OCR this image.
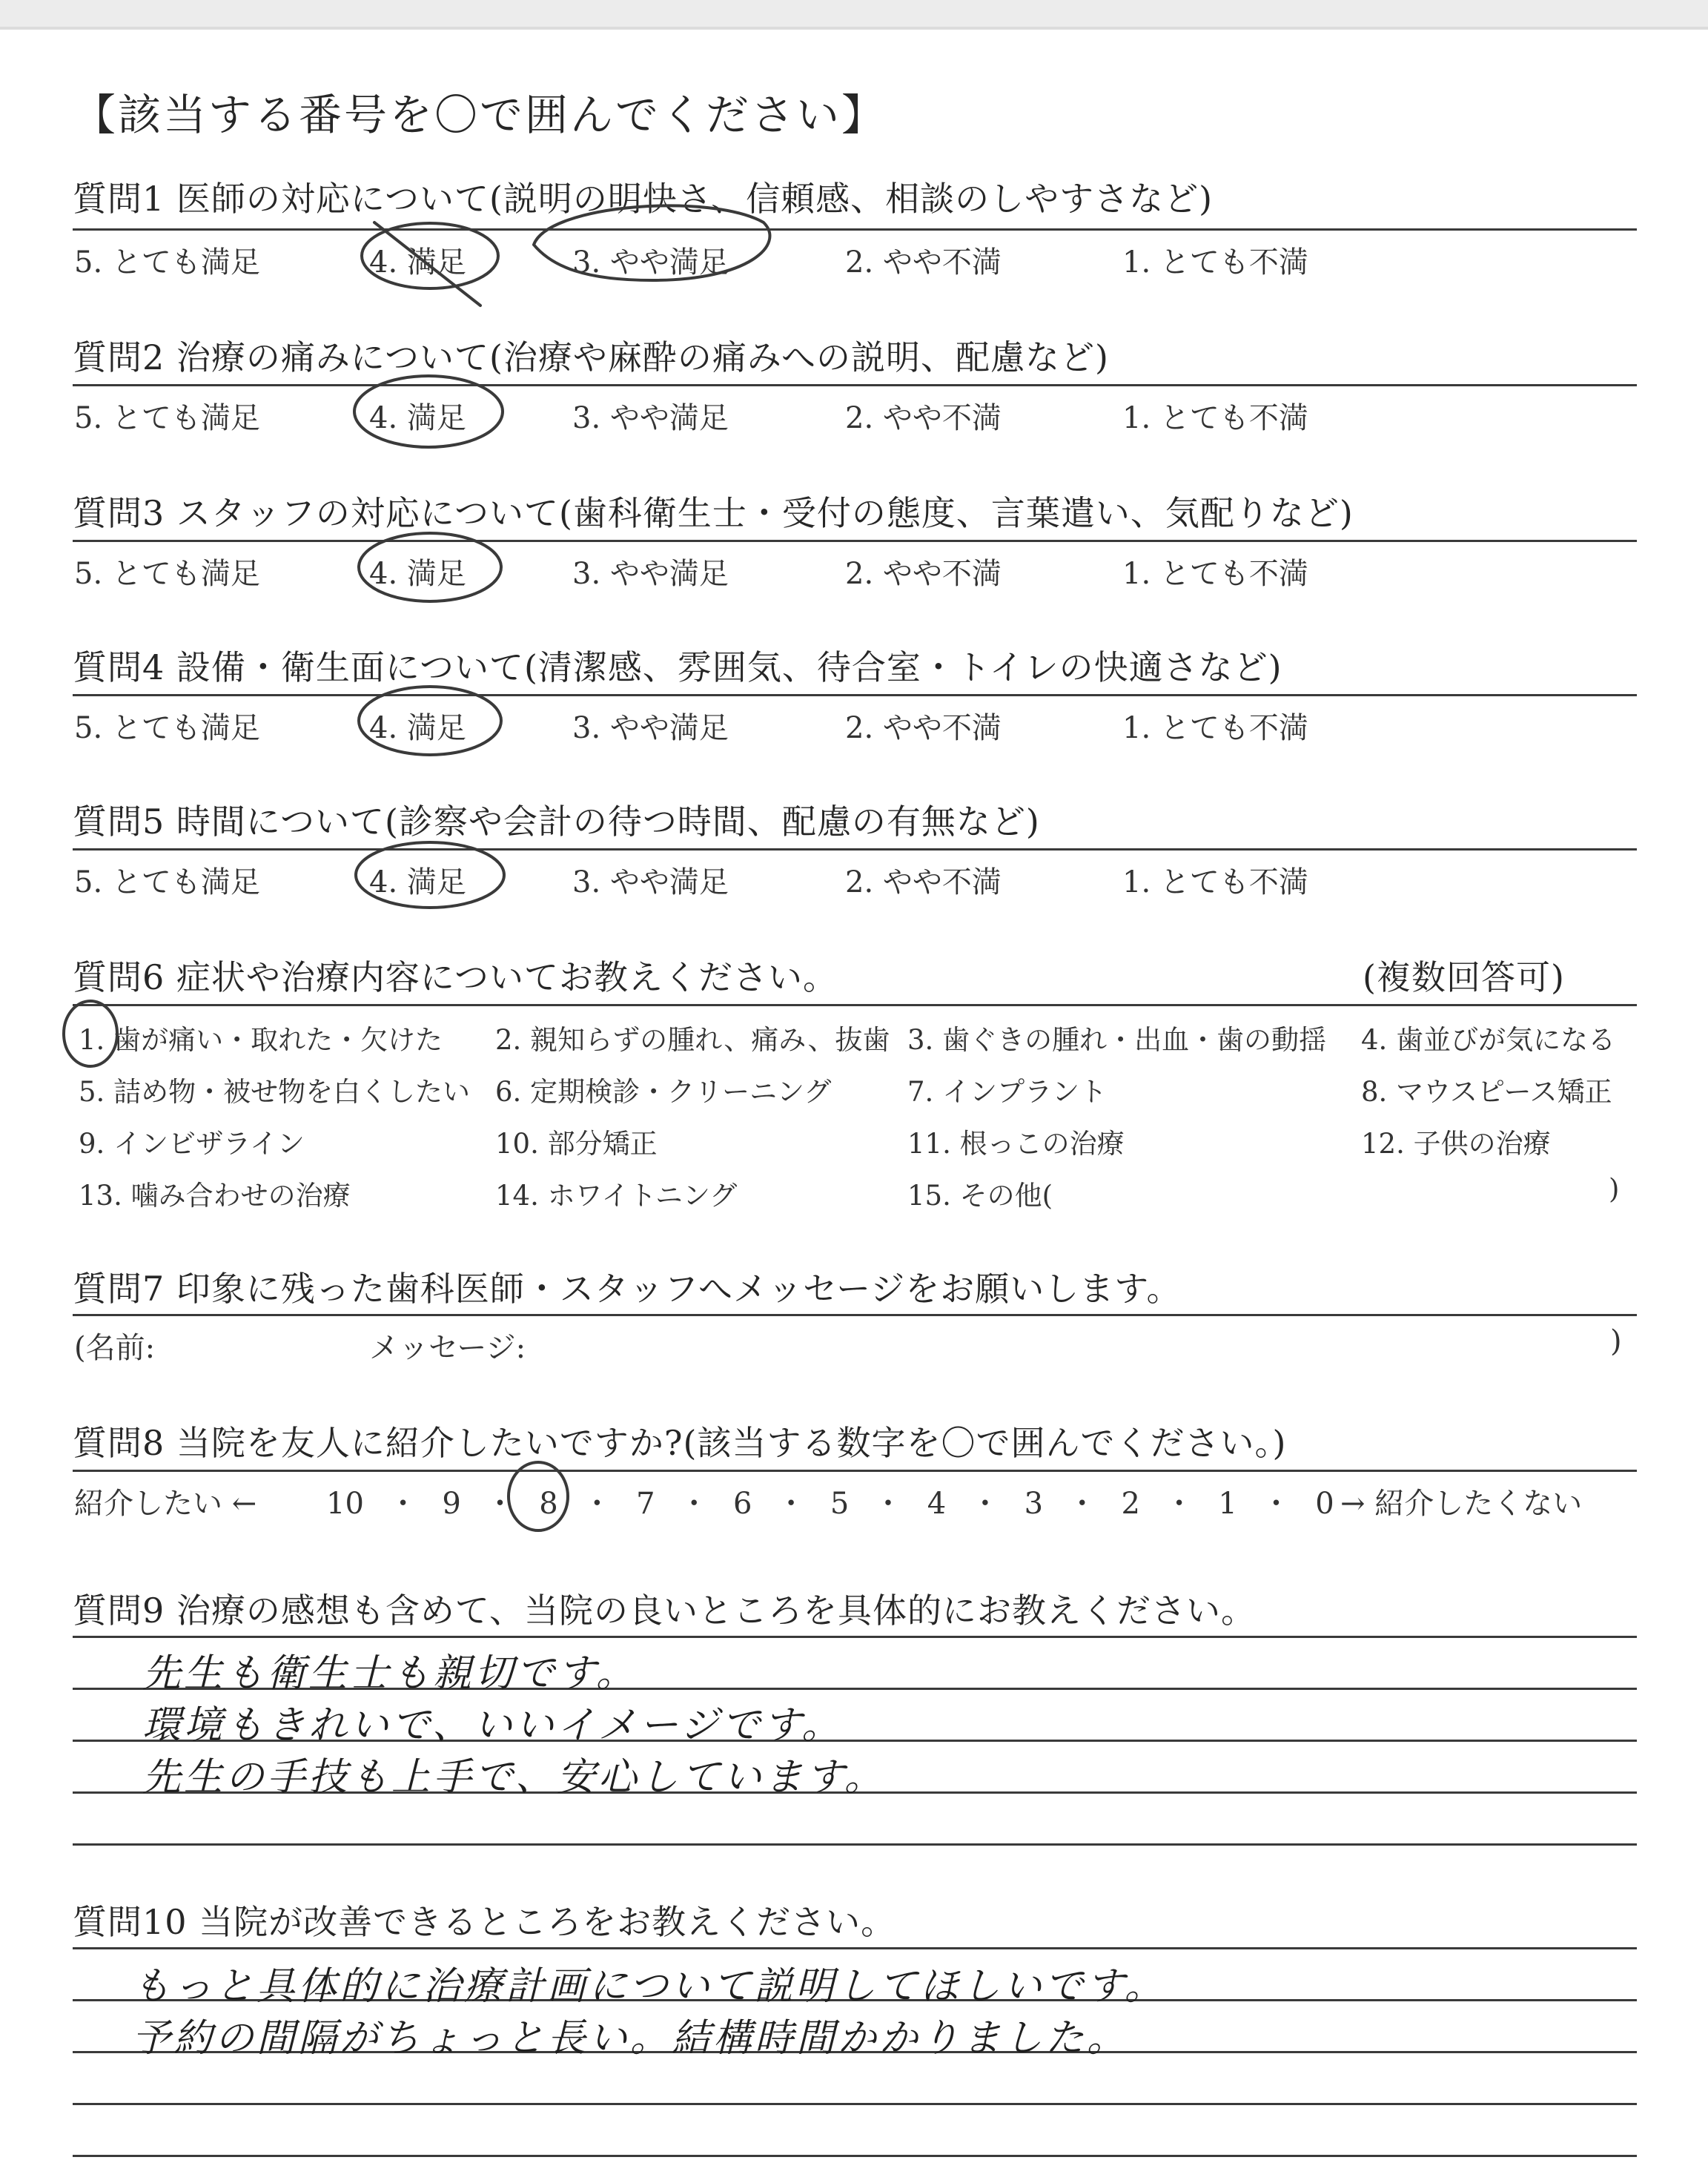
【該当する番号を〇で囲んでください】
質問1 医師の対応について(説明の明快さ、信頼感、相談のしやすさなど)
5. とても満足	4. 満足	3. やや満足	2. やや不満	1. とても不満
質問2 治療の痛みについて(治療や麻酔の痛みへの説明、配慮など)
5. とても満足	4. 満足	3. やや満足	2. やや不満	1. とても不満
質問3 スタッフの対応について(歯科衛生士・受付の態度、言葉遣い、気配りなど)
5. とても満足	4. 満足	3. やや満足	2. やや不満	1. とても不満
質問4 設備・衛生面について(清潔感、雰囲気、待合室・トイレの快適さなど)
5. とても満足	4. 満足	3. やや満足	2. やや不満	1. とても不満
質問5 時間について(診察や会計の待つ時間、配慮の有無など)
5. とても満足	4. 満足	3. やや満足	2. やや不満	1. とても不満
質問6 症状や治療内容についてお教えください。	(複数回答可)
1. 歯が痛い・取れた・欠けた 2. 親知らずの腫れ、痛み、抜歯 3. 歯ぐきの腫れ・出血・歯の動揺 4. 歯並びが気になる
5. 詰め物・被せ物を白くしたい 6. 定期検診・クリーニング	7. インプラント	8. マウスピース矯正
9. インビザライン	10. 部分矯正	11. 根っこの治療	12. 子供の治療
13. 噛み合わせの治療	14. ホワイトニング	15. その他(	)
質問7 印象に残った歯科医師・スタッフへメッセージをお願いします。
(名前:	メッセージ:	)
質問8 当院を友人に紹介したいですか?(該当する数字を〇で囲んでください。)
紹介したい ← 10 ・ 9 ・ 8 ・ 7 ・ 6 ・ 5 ・ 4 ・ 3 ・ 2 ・ 1 ・ 0 → 紹介したくない
質問9 治療の感想も含めて、当院の良いところを具体的にお教えください。
先生も衛生士も親切です。
環境もきれいで、いいイメージです。
先生の手技も上手で、安心しています。
質問10 当院が改善できるところをお教えください。
もっと具体的に治療計画について説明してほしいです。
予約の間隔がちょっと長い。結構時間かかりました。
